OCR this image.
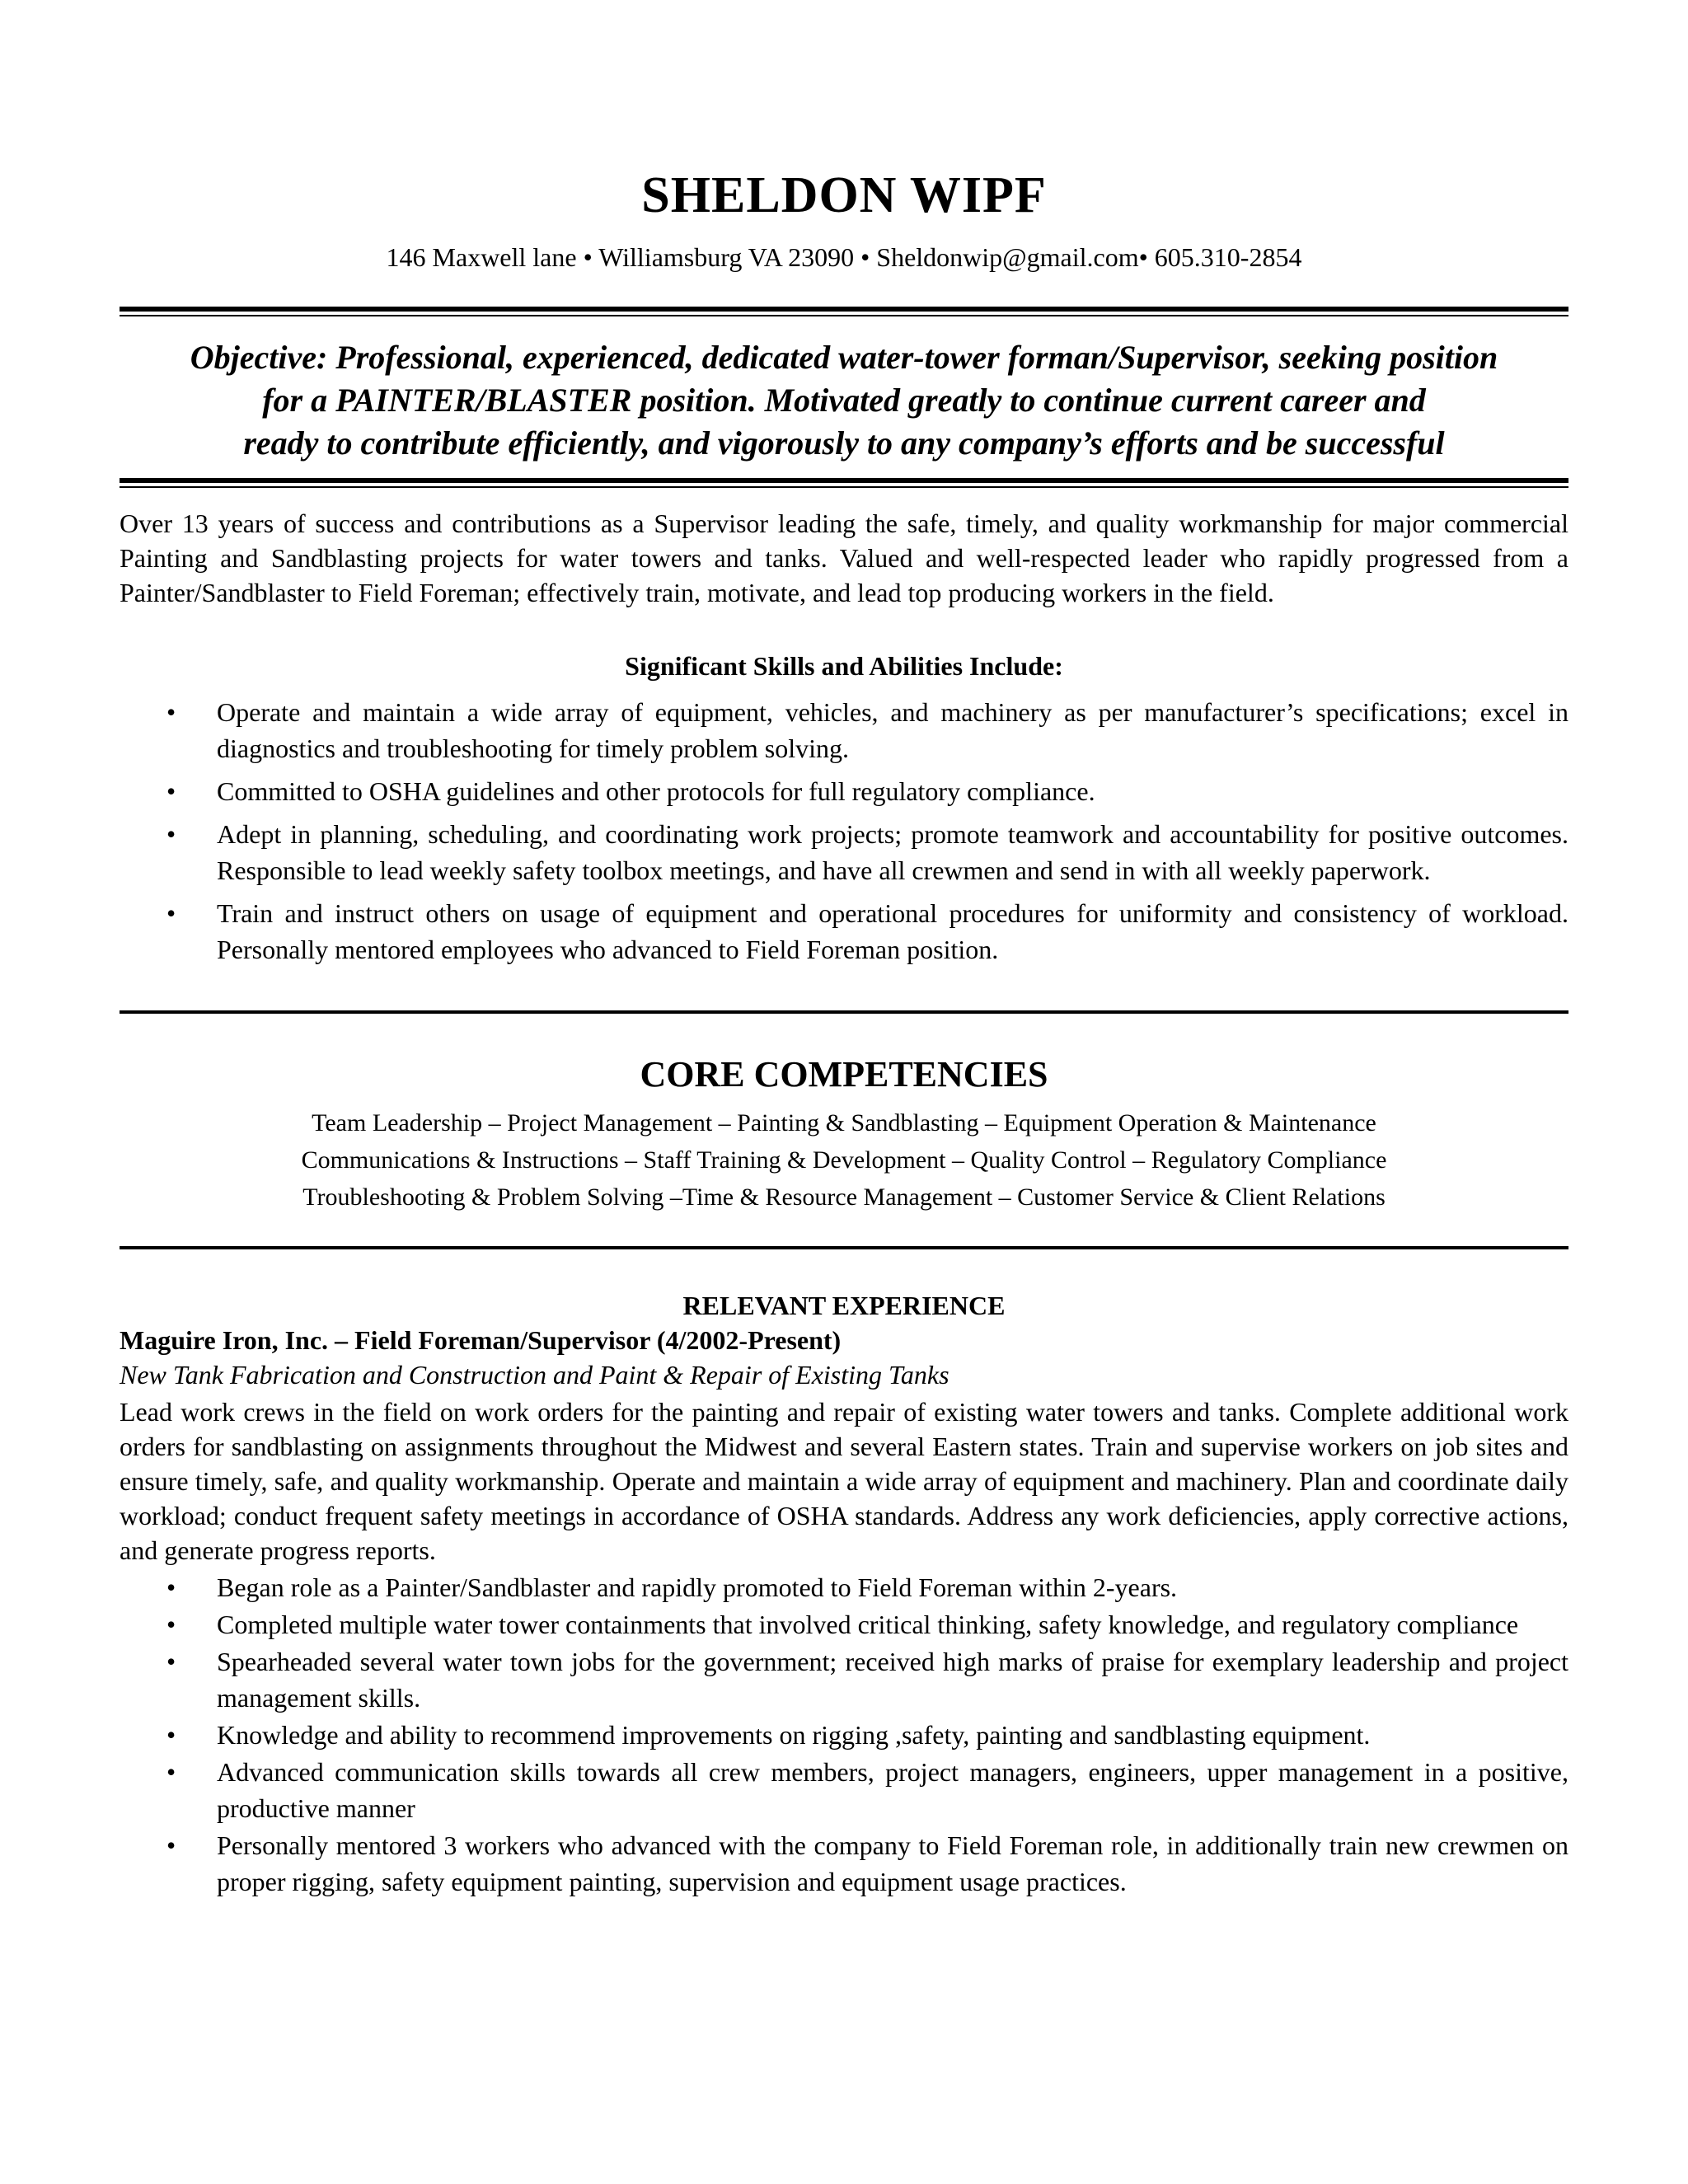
SHELDON WIPF
146 Maxwell lane • Williamsburg VA 23090 • Sheldonwip@gmail.com• 605.310-2854
Objective: Professional, experienced, dedicated water-tower forman/Supervisor, seeking position
for a PAINTER/BLASTER position. Motivated greatly to continue current career and
ready to contribute efficiently, and vigorously to any company’s efforts and be successful
Over 13 years of success and contributions as a Supervisor leading the safe, timely, and quality workmanship for major commercial Painting and Sandblasting projects for water towers and tanks. Valued and well-respected leader who rapidly progressed from a Painter/Sandblaster to Field Foreman; effectively train, motivate, and lead top producing workers in the field.
Significant Skills and Abilities Include:
• Operate and maintain a wide array of equipment, vehicles, and machinery as per manufacturer’s specifications; excel in diagnostics and troubleshooting for timely problem solving.
• Committed to OSHA guidelines and other protocols for full regulatory compliance.
• Adept in planning, scheduling, and coordinating work projects; promote teamwork and accountability for positive outcomes. Responsible to lead weekly safety toolbox meetings, and have all crewmen and send in with all weekly paperwork.
• Train and instruct others on usage of equipment and operational procedures for uniformity and consistency of workload. Personally mentored employees who advanced to Field Foreman position.
CORE COMPETENCIES
Team Leadership – Project Management – Painting & Sandblasting – Equipment Operation & Maintenance
Communications & Instructions – Staff Training & Development – Quality Control – Regulatory Compliance
Troubleshooting & Problem Solving –Time & Resource Management – Customer Service & Client Relations
RELEVANT EXPERIENCE
Maguire Iron, Inc. – Field Foreman/Supervisor (4/2002-Present)
New Tank Fabrication and Construction and Paint & Repair of Existing Tanks
Lead work crews in the field on work orders for the painting and repair of existing water towers and tanks. Complete additional work orders for sandblasting on assignments throughout the Midwest and several Eastern states. Train and supervise workers on job sites and ensure timely, safe, and quality workmanship. Operate and maintain a wide array of equipment and machinery. Plan and coordinate daily workload; conduct frequent safety meetings in accordance of OSHA standards. Address any work deficiencies, apply corrective actions, and generate progress reports.
• Began role as a Painter/Sandblaster and rapidly promoted to Field Foreman within 2-years.
• Completed multiple water tower containments that involved critical thinking, safety knowledge, and regulatory compliance
• Spearheaded several water town jobs for the government; received high marks of praise for exemplary leadership and project management skills.
• Knowledge and ability to recommend improvements on rigging ,safety, painting and sandblasting equipment.
• Advanced communication skills towards all crew members, project managers, engineers, upper management in a positive, productive manner
• Personally mentored 3 workers who advanced with the company to Field Foreman role, in additionally train new crewmen on proper rigging, safety equipment painting, supervision and equipment usage practices.
